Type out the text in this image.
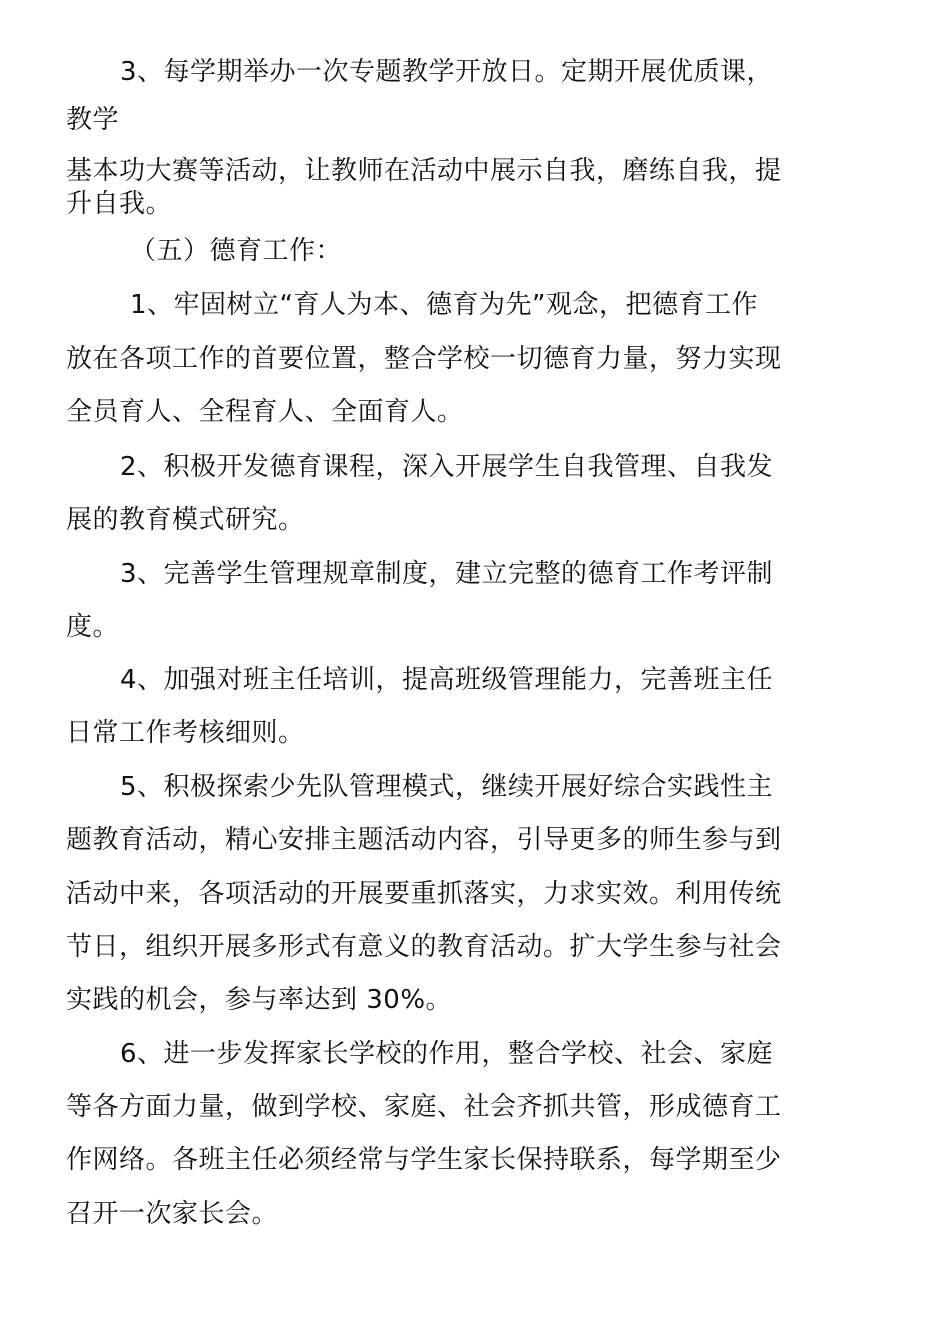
3、每学期举办一次专题教学开放日。定期开展优质课，
教学
基本功大赛等活动，让教师在活动中展示自我，磨练自我，提
升自我。
（五）德育工作：
1、牢固树立“育人为本、德育为先”观念，把德育工作
放在各项工作的首要位置，整合学校一切德育力量，努力实现
全员育人、全程育人、全面育人。
2、积极开发德育课程，深入开展学生自我管理、自我发
展的教育模式研究。
3、完善学生管理规章制度，建立完整的德育工作考评制
度。
4、加强对班主任培训，提高班级管理能力，完善班主任
日常工作考核细则。
5、积极探索少先队管理模式，继续开展好综合实践性主
题教育活动，精心安排主题活动内容，引导更多的师生参与到
活动中来，各项活动的开展要重抓落实，力求实效。利用传统
节日，组织开展多形式有意义的教育活动。扩大学生参与社会
实践的机会，参与率达到 30%。
6、进一步发挥家长学校的作用，整合学校、社会、家庭
等各方面力量，做到学校、家庭、社会齐抓共管，形成德育工
作网络。各班主任必须经常与学生家长保持联系，每学期至少
召开一次家长会。
